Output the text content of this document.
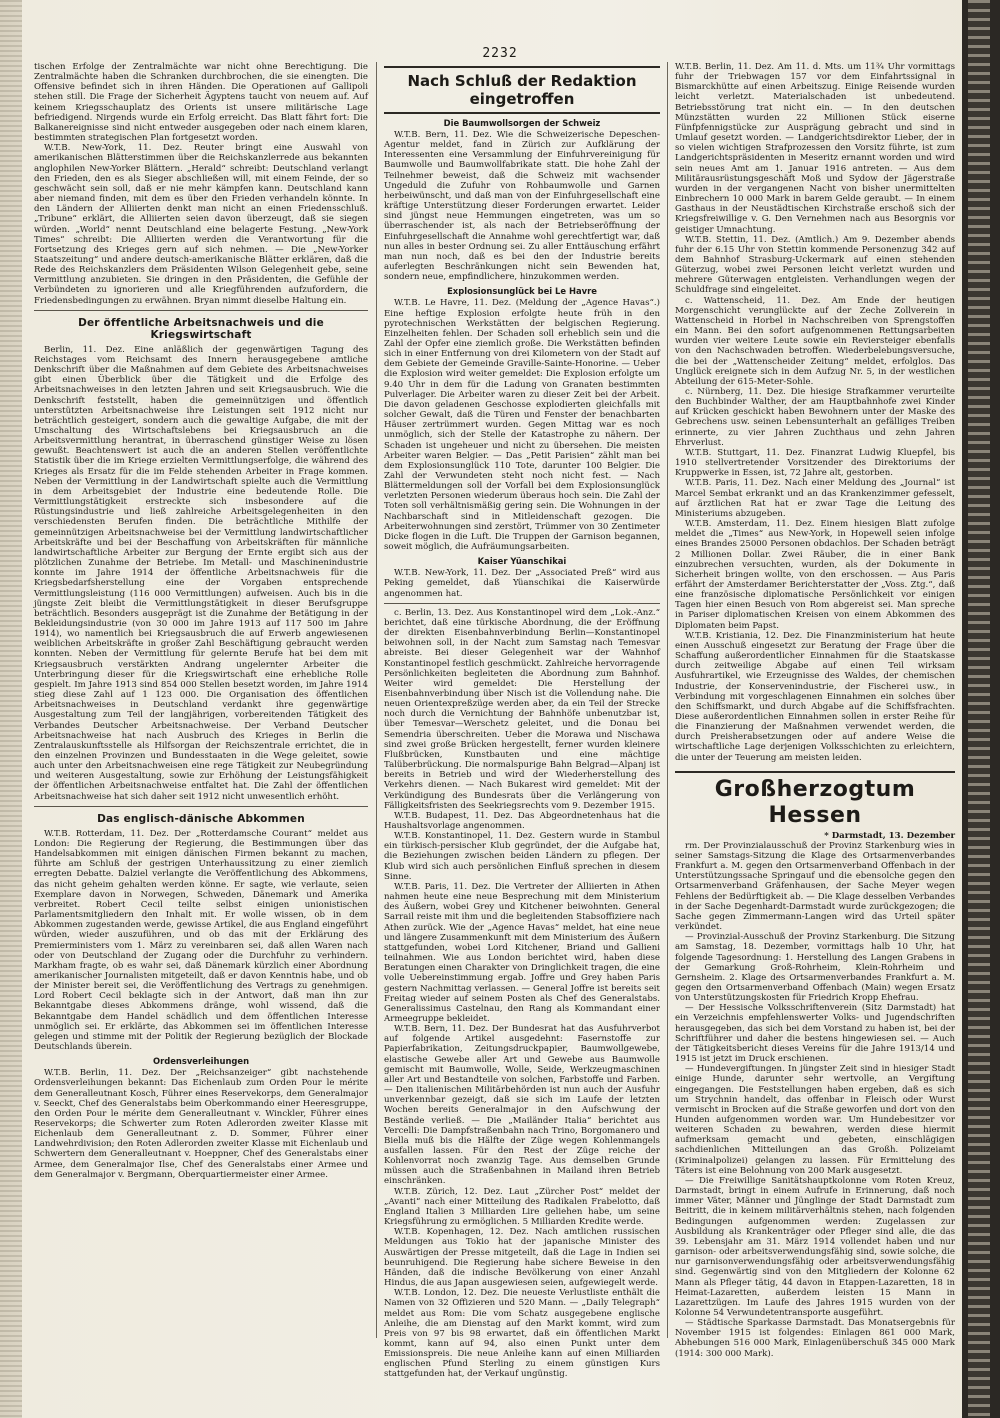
2232

tischen Erfolge der Zentralmächte war nicht ohne Berechtigung. Die Zentralmächte haben die Schranken durchbrochen, die sie einengten. Die Offensive befindet sich in ihren Händen. Die Operationen auf Gallipoli stehen still. Die Frage der Sicherheit Ägyptens taucht von neuem auf. Auf keinem Kriegsschauplatz des Orients ist unsere militärische Lage befriedigend. Nirgends wurde ein Erfolg erreicht. Das Blatt fährt fort: Die Balkanereignisse sind nicht entweder ausgegeben oder nach einem klaren, bestimmten strategischen Plan fortgesetzt worden.

W.T.B. New-York, 11. Dez. Reuter bringt eine Auswahl von amerikanischen Blätterstimmen über die Reichskanzlerrede aus bekannten anglophilen New-Yorker Blättern. „Herald“ schreibt: Deutschland verlangt den Frieden, den es als Sieger abschließen will, mit einem Feinde, der so geschwächt sein soll, daß er nie mehr kämpfen kann. Deutschland kann aber niemand finden, mit dem es über den Frieden verhandeln könnte. In den Ländern der Alliierten denkt man nicht an einen Friedensschluß. „Tribune“ erklärt, die Alliierten seien davon überzeugt, daß sie siegen würden. „World“ nennt Deutschland eine belagerte Festung. „New-York Times“ schreibt: Die Alliierten werden die Verantwortung für die Fortsetzung des Krieges gern auf sich nehmen. — Die „New-Yorker Staatszeitung“ und andere deutsch-amerikanische Blätter erklären, daß die Rede des Reichskanzlers dem Präsidenten Wilson Gelegenheit gebe, seine Vermittlung anzubieten. Sie dringen in den Präsidenten, die Gefühle der Verbündeten zu ignorieren und alle Kriegführenden aufzufordern, die Friedensbedingungen zu erwähnen. Bryan nimmt dieselbe Haltung ein.

Der öffentliche Arbeitsnachweis und die Kriegswirtschaft

Berlin, 11. Dez. Eine anläßlich der gegenwärtigen Tagung des Reichstages vom Reichsamt des Innern herausgegebene amtliche Denkschrift über die Maßnahmen auf dem Gebiete des Arbeitsnachweises gibt einen Überblick über die Tätigkeit und die Erfolge des Arbeitsnachweises in den letzten Jahren und seit Kriegsausbruch. Wie die Denkschrift feststellt, haben die gemeinnützigen und öffentlich unterstützten Arbeitsnachweise ihre Leistungen seit 1912 nicht nur beträchtlich gesteigert, sondern auch die gewaltige Aufgabe, die mit der Umschaltung des Wirtschaftslebens bei Kriegsausbruch an die Arbeitsvermittlung herantrat, in überraschend günstiger Weise zu lösen gewußt. Beachtenswert ist auch die an anderen Stellen veröffentlichte Statistik über die im Kriege erzielten Vermittlungserfolge, die während des Krieges als Ersatz für die im Felde stehenden Arbeiter in Frage kommen. Neben der Vermittlung in der Landwirtschaft spielte auch die Vermittlung in dem Arbeitsgebiet der Industrie eine bedeutende Rolle. Die Vermittlungstätigkeit erstreckte sich insbesondere auf die Rüstungsindustrie und ließ zahlreiche Arbeitsgelegenheiten in den verschiedensten Berufen finden. Die beträchtliche Mithilfe der gemeinnützigen Arbeitsnachweise bei der Vermittlung landwirtschaftlicher Arbeitskräfte und bei der Beschaffung von Arbeitskräften für männliche landwirtschaftliche Arbeiter zur Bergung der Ernte ergibt sich aus der plötzlichen Zunahme der Betriebe. Im Metall- und Maschinenindustrie konnte im Jahre 1914 der öffentliche Arbeitsnachweis für die Kriegsbedarfsherstellung eine der Vorgaben entsprechende Vermittlungsleistung (116 000 Vermittlungen) aufweisen. Auch bis in die jüngste Zeit bleibt die Vermittlungstätigkeit in dieser Berufsgruppe beträchtlich. Besonders ausgeprägt ist die Zunahme der Betätigung in der Bekleidungsindustrie (von 30 000 im Jahre 1913 auf 117 500 im Jahre 1914), wo namentlich bei Kriegsausbruch die auf Erwerb angewiesenen weiblichen Arbeitskräfte in großer Zahl Beschäftigung gebraucht werden konnten. Neben der Vermittlung für gelernte Berufe hat bei dem mit Kriegsausbruch verstärkten Andrang ungelernter Arbeiter die Unterbringung dieser für die Kriegswirtschaft eine erhebliche Rolle gespielt. Im Jahre 1913 sind 854 000 Stellen besetzt worden, im Jahre 1914 stieg diese Zahl auf 1 123 000. Die Organisation des öffentlichen Arbeitsnachweises in Deutschland verdankt ihre gegenwärtige Ausgestaltung zum Teil der langjährigen, vorbereitenden Tätigkeit des Verbandes Deutscher Arbeitsnachweise. Der Verband Deutscher Arbeitsnachweise hat nach Ausbruch des Krieges in Berlin die Zentralauskunftsstelle als Hilfsorgan der Reichszentrale errichtet, die in den einzelnen Provinzen und Bundesstaaten in die Wege geleitet, sowie auch unter den Arbeitsnachweisen eine rege Tätigkeit zur Neubegründung und weiteren Ausgestaltung, sowie zur Erhöhung der Leistungsfähigkeit der öffentlichen Arbeitsnachweise entfaltet hat. Die Zahl der öffentlichen Arbeitsnachweise hat sich daher seit 1912 nicht unwesentlich erhöht.

Das englisch-dänische Abkommen

W.T.B. Rotterdam, 11. Dez. Der „Rotterdamsche Courant“ meldet aus London: Die Regierung der Regierung, die Bestimmungen über das Handelsabkommen mit einigen dänischen Firmen bekannt zu machen, führte am Schluß der gestrigen Unterhaussitzung zu einer ziemlich erregten Debatte. Dalziel verlangte die Veröffentlichung des Abkommens, das nicht geheim gehalten werden könne. Er sagte, wie verlaute, seien Exemplare davon in Norwegen, Schweden, Dänemark und Amerika verbreitet. Robert Cecil teilte selbst einigen unionistischen Parlamentsmitgliedern den Inhalt mit. Er wolle wissen, ob in dem Abkommen zugestanden werde, gewisse Artikel, die aus England eingeführt würden, wieder auszuführen, und ob das mit der Erklärung des Premierministers vom 1. März zu vereinbaren sei, daß allen Waren nach oder von Deutschland der Zugang oder die Durchfuhr zu verhindern. Markham fragte, ob es wahr sei, daß Dänemark kürzlich einer Abordnung amerikanischer Journalisten mitgeteilt, daß er davon Kenntnis habe, und ob der Minister bereit sei, die Veröffentlichung des Vertrags zu genehmigen. Lord Robert Cecil beklagte sich in der Antwort, daß man ihn zur Bekanntgabe dieses Abkommens dränge, wohl wissend, daß die Bekanntgabe dem Handel schädlich und dem öffentlichen Interesse unmöglich sei. Er erklärte, das Abkommen sei im öffentlichen Interesse gelegen und stimme mit der Politik der Regierung bezüglich der Blockade Deutschlands überein.

Ordensverleihungen

W.T.B. Berlin, 11. Dez. Der „Reichsanzeiger“ gibt nachstehende Ordensverleihungen bekannt: Das Eichenlaub zum Orden Pour le mérite dem Generalleutnant Kosch, Führer eines Reservekorps, dem Generalmajor v. Seeckt, Chef des Generalstabs beim Oberkommando einer Heeresgruppe, den Orden Pour le mérite dem Generalleutnant v. Winckler, Führer eines Reservekorps; die Schwerter zum Roten Adlerorden zweiter Klasse mit Eichenlaub dem Generalleutnant z. D. Sommer, Führer einer Landwehrdivision; den Roten Adlerorden zweiter Klasse mit Eichenlaub und Schwertern dem Generalleutnant v. Hoeppner, Chef des Generalstabs einer Armee, dem Generalmajor Ilse, Chef des Generalstabs einer Armee und dem Generalmajor v. Bergmann, Oberquartiermeister einer Armee.

Nach Schluß der Redaktion eingetroffen
Die Baumwollsorgen der Schweiz

W.T.B. Bern, 11. Dez. Wie die Schweizerische Depeschen-Agentur meldet, fand in Zürich zur Aufklärung der Interessenten eine Versammlung der Einfuhrvereinigung für Baumwolle und Baumwollfabrikate statt. Die hohe Zahl der Teilnehmer beweist, daß die Schweiz mit wachsender Ungeduld die Zufuhr von Rohbaumwolle und Garnen herbeiwünscht, und daß man von der Einfuhrgesellschaft eine kräftige Unterstützung dieser Forderungen erwartet. Leider sind jüngst neue Hemmungen eingetreten, was um so überraschender ist, als nach der Betriebseröffnung der Einfuhrgesellschaft die Annahme wohl gerechtfertigt war, daß nun alles in bester Ordnung sei. Zu aller Enttäuschung erfährt man nun noch, daß es bei den der Industrie bereits auferlegten Beschränkungen nicht sein Bewenden hat, sondern neue, empfindlichere, hinzukommen werden.

Explosionsunglück bei Le Havre

W.T.B. Le Havre, 11. Dez. (Meldung der „Agence Havas“.) Eine heftige Explosion erfolgte heute früh in den pyrotechnischen Werkstätten der belgischen Regierung. Einzelheiten fehlen. Der Schaden soll erheblich sein und die Zahl der Opfer eine ziemlich große. Die Werkstätten befinden sich in einer Entfernung von drei Kilometern von der Stadt auf dem Gebiete der Gemeinde Graville-Sainte-Honorine. — Ueber die Explosion wird weiter gemeldet: Die Explosion erfolgte um 9.40 Uhr in dem für die Ladung von Granaten bestimmten Pulverlager. Die Arbeiter waren zu dieser Zeit bei der Arbeit. Die davon geladenen Geschosse explodierten gleichfalls mit solcher Gewalt, daß die Türen und Fenster der benachbarten Häuser zertrümmert wurden. Gegen Mittag war es noch unmöglich, sich der Stelle der Katastrophe zu nähern. Der Schaden ist ungeheuer und nicht zu übersehen. Die meisten Arbeiter waren Belgier. — Das „Petit Parisien“ zählt man bei dem Explosionsunglück 110 Tote, darunter 100 Belgier. Die Zahl der Verwundeten steht noch nicht fest. — Nach Blättermeldungen soll der Vorfall bei dem Explosionsunglück verletzten Personen wiederum überaus hoch sein. Die Zahl der Toten soll verhältnismäßig gering sein. Die Wohnungen in der Nachbarschaft sind in Mitleidenschaft gezogen. Die Arbeiterwohnungen sind zerstört, Trümmer von 30 Zentimeter Dicke flogen in die Luft. Die Truppen der Garnison begannen, soweit möglich, die Aufräumungsarbeiten.

Kaiser Yüanschikai

W.T.B. New-York, 11. Dez. Der „Associated Preß“ wird aus Peking gemeldet, daß Yüanschikai die Kaiserwürde angenommen hat.

c. Berlin, 13. Dez. Aus Konstantinopel wird dem „Lok.-Anz.“ berichtet, daß eine türkische Abordnung, die der Eröffnung der direkten Eisenbahnverbindung Berlin—Konstantinopel beiwohnen soll, in der Nacht zum Samstag nach Temesvar abreiste. Bei dieser Gelegenheit war der Wahnhof Konstantinopel festlich geschmückt. Zahlreiche hervorragende Persönlichkeiten begleiteten die Abordnung zum Bahnhof. Weiter wird gemeldet: Die Herstellung der Eisenbahnverbindung über Nisch ist die Vollendung nahe. Die neuen Orientexpreßzüge werden aber, da ein Teil der Strecke noch durch die Vernichtung der Bahnhöfe unbenutzbar ist, über Temesvar—Werschetz geleitet, und die Donau bei Semendria überschreiten. Ueber die Morawa und Nischawa sind zwei große Brücken hergestellt, ferner wurden kleinere Flußbrücken, Kunstbauten und eine mächtige Talüberbrückung. Die normalspurige Bahn Belgrad—Alpanj ist bereits in Betrieb und wird der Wiederherstellung des Verkehrs dienen. — Nach Bukarest wird gemeldet: Mit der Verkündigung des Bundesrats über die Verlängerung von Fälligkeitsfristen des Seekriegsrechts vom 9. Dezember 1915.

W.T.B. Budapest, 11. Dez. Das Abgeordnetenhaus hat die Haushaltsvorlage angenommen.

W.T.B. Konstantinopel, 11. Dez. Gestern wurde in Stambul ein türkisch-persischer Klub gegründet, der die Aufgabe hat, die Beziehungen zwischen beiden Ländern zu pflegen. Der Klub wird sich auch persönlichen Einfluß sprechen in diesem Sinne.

W.T.B. Paris, 11. Dez. Die Vertreter der Alliierten in Athen nahmen heute eine neue Besprechung mit dem Ministerium des Äußern, wobei Grey und Kitchener beiwohnten. General Sarrail reiste mit ihm und die begleitenden Stabsoffiziere nach Athen zurück. Wie der „Agence Havas“ meldet, hat eine neue und längere Zusammenkunft mit dem Ministerium des Äußern stattgefunden, wobei Lord Kitchener, Briand und Gallieni teilnahmen. Wie aus London berichtet wird, haben diese Beratungen einen Charakter von Dringlichkeit tragen, die eine volle Uebereinstimmung ergab. Joffre und Grey haben Paris gestern Nachmittag verlassen. — General Joffre ist bereits seit Freitag wieder auf seinem Posten als Chef des Generalstabs. Generalissimus Castelnau, den Rang als Kommandant einer Armeegruppe bekleidet.

W.T.B. Bern, 11. Dez. Der Bundesrat hat das Ausfuhrverbot auf folgende Artikel ausgedehnt: Fasernstoffe zur Papierfabrikation, Zeitungsdruckpapier, Baumwollgewebe, elastische Gewebe aller Art und Gewebe aus Baumwolle gemischt mit Baumwolle, Wolle, Seide, Werkzeugmaschinen aller Art und Bestandteile von solchen, Farbstoffe und Farben. — Den italienischen Militärbehörden ist nun auch der Ausfuhr unverkennbar gezeigt, daß sie sich im Laufe der letzten Wochen bereits Generalmajor in den Aufschwung der Bestände verließ. — Die „Mailänder Italia“ berichtet aus Vercelli: Die Dampfstraßenbahn nach Trino, Borgomanero und Biella muß bis die Hälfte der Züge wegen Kohlenmangels ausfallen lassen. Für den Rest der Züge reiche der Kohlenvorrat noch zwanzig Tage. Aus demselben Grunde müssen auch die Straßenbahnen in Mailand ihren Betrieb einschränken.

W.T.B. Zürich, 12. Dez. Laut „Zürcher Post“ meldet der „Avanti“ nach einer Mitteilung des Radikalen Frabelotto, daß England Italien 3 Milliarden Lire geliehen habe, um seine Kriegsführung zu ermöglichen. 5 Milliarden Kredite werde.

W.T.B. Kopenhagen, 12. Dez. Nach amtlichen russischen Meldungen aus Tokio hat der japanische Minister des Auswärtigen der Presse mitgeteilt, daß die Lage in Indien sei beunruhigend. Die Regierung habe sichere Beweise in den Händen, daß die indische Bevölkerung von einer Anzahl Hindus, die aus Japan ausgewiesen seien, aufgewiegelt werde.

W.T.B. London, 12. Dez. Die neueste Verlustliste enthält die Namen von 32 Offizieren und 520 Mann. — „Daily Telegraph“ meldet aus Rom: Die vom Schatz ausgegebene englische Anleihe, die am Dienstag auf den Markt kommt, wird zum Preis von 97 bis 98 erwartet, daß ein öffentlichen Markt kommt, kann auf 94, also einen Punkt unter dem Emissionspreis. Die neue Anleihe kann auf einen Milliarden englischen Pfund Sterling zu einem günstigen Kurs stattgefunden hat, der Verkauf ungünstig.

W.T.B. Berlin, 11. Dez. Am 11. d. Mts. um 11¾ Uhr vormittags fuhr der Triebwagen 157 vor dem Einfahrtssignal in Bismarckhütte auf einen Arbeitszug. Einige Reisende wurden leicht verletzt. Materialschaden ist unbedeutend. Betriebsstörung trat nicht ein. — In den deutschen Münzstätten wurden 22 Millionen Stück eiserne Fünfpfennigstücke zur Ausprägung gebracht und sind in Umlauf gesetzt worden. — Landgerichtsdirektor Lieber, der in so vielen wichtigen Strafprozessen den Vorsitz führte, ist zum Landgerichtspräsidenten in Meseritz ernannt worden und wird sein neues Amt am 1. Januar 1916 antreten. — Aus dem Militärausrüstungsgeschäft Moß und Sydow der Jägerstraße wurden in der vergangenen Nacht von bisher unermittelten Einbrechern 10 000 Mark in barem Gelde geraubt. — In einem Gasthaus in der Neustädtischen Kirchstraße erschoß sich der Kriegsfreiwillige v. G. Den Vernehmen nach aus Besorgnis vor geistiger Umnachtung.

W.T.B. Stettin, 11. Dez. (Amtlich.) Am 9. Dezember abends fuhr der 6.15 Uhr von Stettin kommende Personenzug 342 auf dem Bahnhof Strasburg-Uckermark auf einen stehenden Güterzug, wobei zwei Personen leicht verletzt wurden und mehrere Güterwagen entgleisten. Verhandlungen wegen der Schuldfrage sind eingeleitet.

c. Wattenscheid, 11. Dez. Am Ende der heutigen Morgenschicht verunglückte auf der Zeche Zollverein in Wattenscheid in Horbel in Nachschreiben von Sprengstoffen ein Mann. Bei den sofort aufgenommenen Rettungsarbeiten wurden vier weitere Leute sowie ein Reviersteiger ebenfalls von den Nachschwaden betroffen. Wiederbelebungsversuche, die bei der „Wattenscheider Zeitung“ meldet, erfolglos. Das Unglück ereignete sich in dem Aufzug Nr. 5, in der westlichen Abteilung der 615-Meter-Sohle.

c. Nürnberg, 11. Dez. Die hiesige Strafkammer verurteilte den Buchbinder Walther, der am Hauptbahnhofe zwei Kinder auf Krücken geschickt haben Bewohnern unter der Maske des Gebrechens usw. seinen Lebensunterhalt an gefälliges Treiben erinnerte, zu vier Jahren Zuchthaus und zehn Jahren Ehrverlust.

W.T.B. Stuttgart, 11. Dez. Finanzrat Ludwig Kluepfel, bis 1910 stellvertretender Vorsitzender des Direktoriums der Kruppwerke in Essen, ist, 72 Jahre alt, gestorben.

W.T.B. Paris, 11. Dez. Nach einer Meldung des „Journal“ ist Marcel Sembat erkrankt und an das Krankenzimmer gefesselt, auf ärztlichen Rat hat er zwar Tage die Leitung des Ministeriums abzugeben.

W.T.B. Amsterdam, 11. Dez. Einem hiesigen Blatt zufolge meldet die „Times“ aus New-York, in Hopewell seien infolge eines Brandes 25000 Personen obdachlos. Der Schaden beträgt 2 Millionen Dollar. Zwei Räuber, die in einer Bank einzubrechen versuchten, wurden, als der Dokumente in Sicherheit bringen wollte, von den erschossen. — Aus Paris erfährt der Amsterdamer Berichterstatter der „Voss. Ztg.“, daß eine französische diplomatische Persönlichkeit vor einigen Tagen hier einen Besuch von Rom abgereist sei. Man spreche in Pariser diplomatischen Kreisen von einem Abkommen des Diplomaten beim Papst.

W.T.B. Kristiania, 12. Dez. Die Finanzministerium hat heute einen Ausschuß eingesetzt zur Beratung der Frage über die Schaffung außerordentlicher Einnahmen für die Staatskasse durch zeitweilige Abgabe auf einen Teil wirksam Ausfuhrartikel, wie Erzeugnisse des Waldes, der chemischen Industrie, der Konservenindustrie, der Fischerei usw., in Verbindung mit vorgeschlagenen Einnahmen ein solches über den Schiffsmarkt, und durch Abgabe auf die Schiffsfrachten. Diese außerordentlichen Einnahmen sollen in erster Reihe für die Finanzierung der Maßnahmen verwendet werden, die durch Preisherabsetzungen oder auf andere Weise die wirtschaftliche Lage derjenigen Volksschichten zu erleichtern, die unter der Teuerung am meisten leiden.

Großherzogtum Hessen
* Darmstadt, 13. Dezember

rm. Der Provinzialausschuß der Provinz Starkenburg wies in seiner Samstags-Sitzung die Klage des Ortsarmenverbandes Frankfurt a. M. gegen den Ortsarmenverband Offenbach in der Unterstützungssache Springauf und die ebensolche gegen den Ortsarmenverband Gräfenhausen, der Sache Meyer wegen Fehlens der Bedürftigkeit ab. — Die Klage desselben Verbandes in der Sache Degenhardt-Darmstadt wurde zurückgezogen; die Sache gegen Zimmermann-Langen wird das Urteil später verkündet.

— Provinzial-Ausschuß der Provinz Starkenburg. Die Sitzung am Samstag, 18. Dezember, vormittags halb 10 Uhr, hat folgende Tagesordnung: 1. Herstellung des Langen Grabens in der Gemarkung Groß-Rohrheim, Klein-Rohrheim und Gernsheim. 2. Klage des Ortsarmenverbandes Frankfurt a. M. gegen den Ortsarmenverband Offenbach (Main) wegen Ersatz von Unterstützungskosten für Friedrich Kropp Ehefrau.

— Der Hessische Volksschriftenverein (Sitz Darmstadt) hat ein Verzeichnis empfehlenswerter Volks- und Jugendschriften herausgegeben, das sich bei dem Vorstand zu haben ist, bei der Schriftführer und daher die bestens hingewiesen sei. — Auch der Tätigkeitsbericht dieses Vereins für die Jahre 1913/14 und 1915 ist jetzt im Druck erschienen.

— Hundevergiftungen. In jüngster Zeit sind in hiesiger Stadt einige Hunde, darunter sehr wertvolle, an Vergiftung eingegangen. Die Feststellungen haben ergeben, daß es sich um Strychnin handelt, das offenbar in Fleisch oder Wurst vermischt in Brocken auf die Straße geworfen und dort von den Hunden aufgenommen worden war. Um Hundebesitzer vor weiteren Schaden zu bewahren, werden diese hiermit aufmerksam gemacht und gebeten, einschlägigen sachdienlichen Mitteilungen an das Großh. Polizeiamt (Kriminalpolizei) gelangen zu lassen. Für Ermittelung des Täters ist eine Belohnung von 200 Mark ausgesetzt.

— Die Freiwillige Sanitätshauptkolonne vom Roten Kreuz, Darmstadt, bringt in einem Aufrufe in Erinnerung, daß noch immer Väter, Männer und Jünglinge der Stadt Darmstadt zum Beitritt, die in keinem militärverhältnis stehen, nach folgenden Bedingungen aufgenommen werden: Zugelassen zur Ausbildung als Krankenträger oder Pfleger sind alle, die das 39. Lebensjahr am 31. März 1914 vollendet haben und nur garnison- oder arbeitsverwendungsfähig sind, sowie solche, die nur garnisonverwendungsfähig oder arbeitsverwendungsfähig sind. Gegenwärtig sind von den Mitgliedern der Kolonne 62 Mann als Pfleger tätig, 44 davon in Etappen-Lazaretten, 18 in Heimat-Lazaretten, außerdem leisten 15 Mann in Lazarettzügen. Im Laufe des Jahres 1915 wurden von der Kolonne 54 Verwundetentransporte ausgeführt.

— Städtische Sparkasse Darmstadt. Das Monatsergebnis für November 1915 ist folgendes: Einlagen 861 000 Mark, Abhebungen 516 000 Mark, Einlagenüberschuß 345 000 Mark (1914: 300 000 Mark).
